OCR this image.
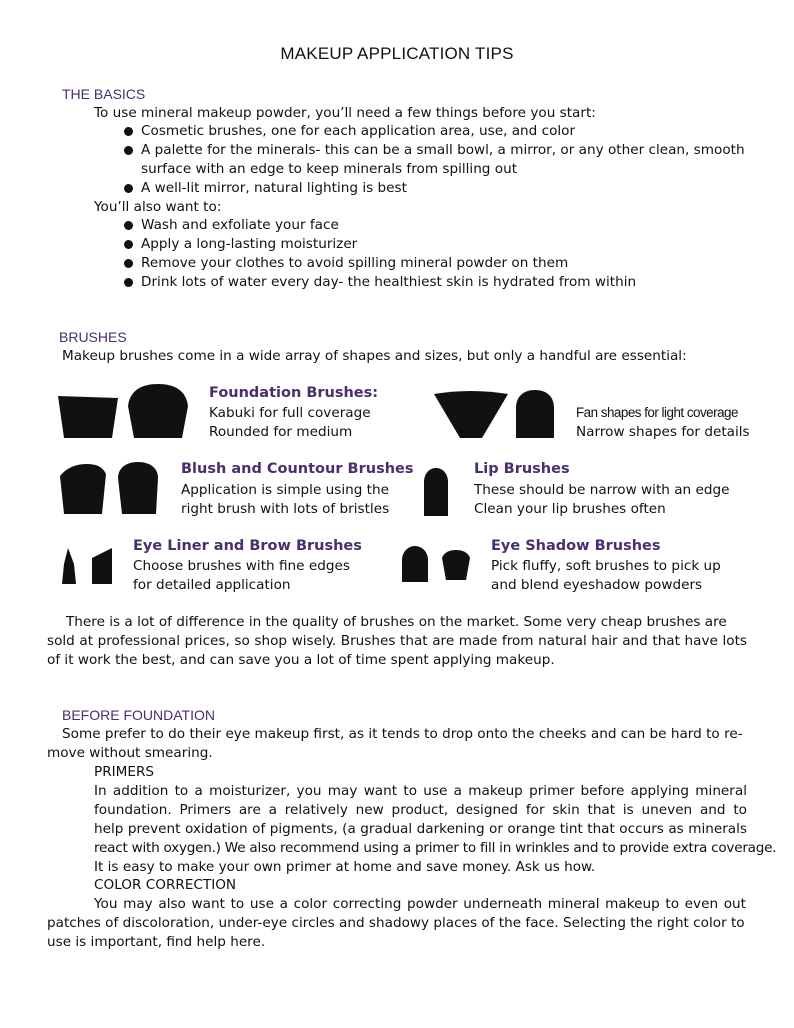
MAKEUP APPLICATION TIPS
THE BASICS
To use mineral makeup powder, you’ll need a few things before you start:
Cosmetic brushes, one for each application area, use, and color
A palette for the minerals- this can be a small bowl, a mirror, or any other clean, smooth
surface with an edge to keep minerals from spilling out
A well-lit mirror, natural lighting is best
You’ll also want to:
Wash and exfoliate your face
Apply a long-lasting moisturizer
Remove your clothes to avoid spilling mineral powder on them
Drink lots of water every day- the healthiest skin is hydrated from within
BRUSHES
Makeup brushes come in a wide array of shapes and sizes, but only a handful are essential:
Foundation Brushes:
Kabuki for full coverage
Rounded for medium
Fan shapes for light coverage
Narrow shapes for details
Blush and Countour Brushes
Application is simple using the
right brush with lots of bristles
Lip Brushes
These should be narrow with an edge
Clean your lip brushes often
Eye Liner and Brow Brushes
Choose brushes with fine edges
for detailed application
Eye Shadow Brushes
Pick fluffy, soft brushes to pick up
and blend eyeshadow powders
There is a lot of difference in the quality of brushes on the market. Some very cheap brushes are
sold at professional prices, so shop wisely. Brushes that are made from natural hair and that have lots
of it work the best, and can save you a lot of time spent applying makeup.
BEFORE FOUNDATION
Some prefer to do their eye makeup first, as it tends to drop onto the cheeks and can be hard to re-
move without smearing.
PRIMERS
In addition to a moisturizer, you may want to use a makeup primer before applying mineral
foundation. Primers are a relatively new product, designed for skin that is uneven and to
help prevent oxidation of pigments, (a gradual darkening or orange tint that occurs as minerals
react with oxygen.) We also recommend using a primer to fill in wrinkles and to provide extra coverage.
It is easy to make your own primer at home and save money. Ask us how.
COLOR CORRECTION
You may also want to use a color correcting powder underneath mineral makeup to even out
patches of discoloration, under-eye circles and shadowy places of the face. Selecting the right color to
use is important, find help here.
